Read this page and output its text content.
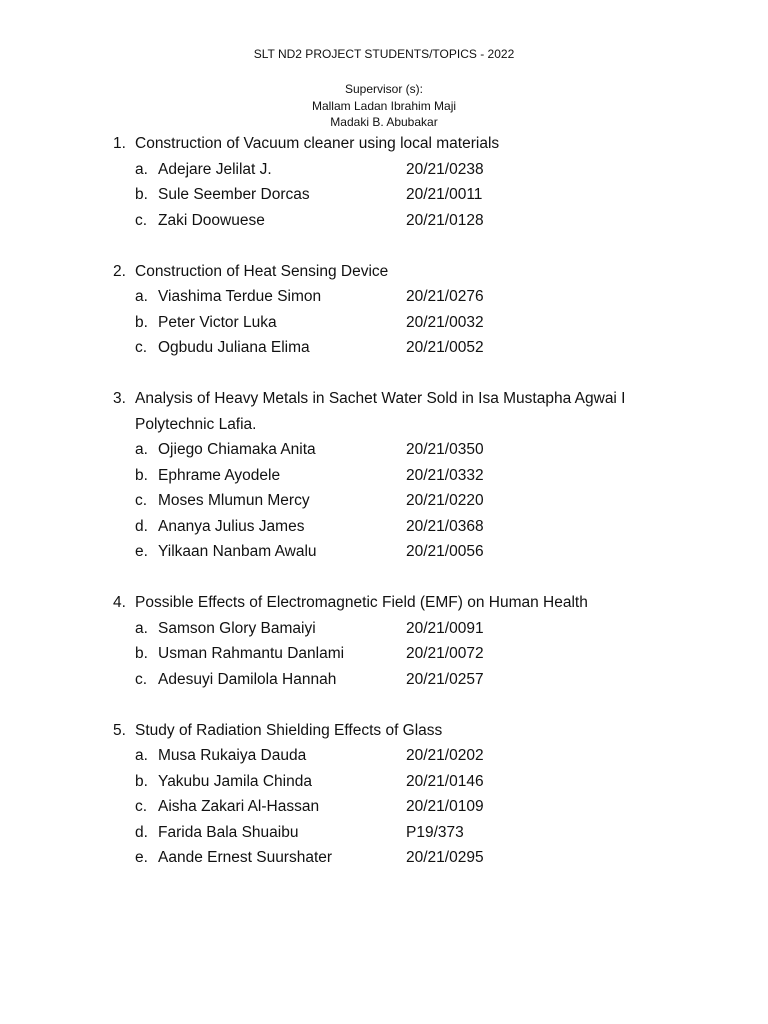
SLT ND2 PROJECT STUDENTS/TOPICS - 2022
Supervisor (s):
Mallam Ladan Ibrahim Maji
Madaki B. Abubakar
1. Construction of Vacuum cleaner using local materials
a. Adejare Jelilat J.	20/21/0238
b. Sule Seember Dorcas	20/21/0011
c. Zaki Doowuese	20/21/0128
2. Construction of Heat Sensing Device
a. Viashima Terdue Simon	20/21/0276
b. Peter Victor Luka	20/21/0032
c. Ogbudu Juliana Elima	20/21/0052
3. Analysis of Heavy Metals in Sachet Water Sold in Isa Mustapha Agwai I
Polytechnic Lafia.
a. Ojiego Chiamaka Anita	20/21/0350
b. Ephrame Ayodele	20/21/0332
c. Moses Mlumun Mercy	20/21/0220
d. Ananya Julius James	20/21/0368
e. Yilkaan Nanbam Awalu	20/21/0056
4. Possible Effects of Electromagnetic Field (EMF) on Human Health
a. Samson Glory Bamaiyi	20/21/0091
b. Usman Rahmantu Danlami	20/21/0072
c. Adesuyi Damilola Hannah	20/21/0257
5. Study of Radiation Shielding Effects of Glass
a. Musa Rukaiya Dauda	20/21/0202
b. Yakubu Jamila Chinda	20/21/0146
c. Aisha Zakari Al-Hassan	20/21/0109
d. Farida Bala Shuaibu	P19/373
e. Aande Ernest Suurshater	20/21/0295
